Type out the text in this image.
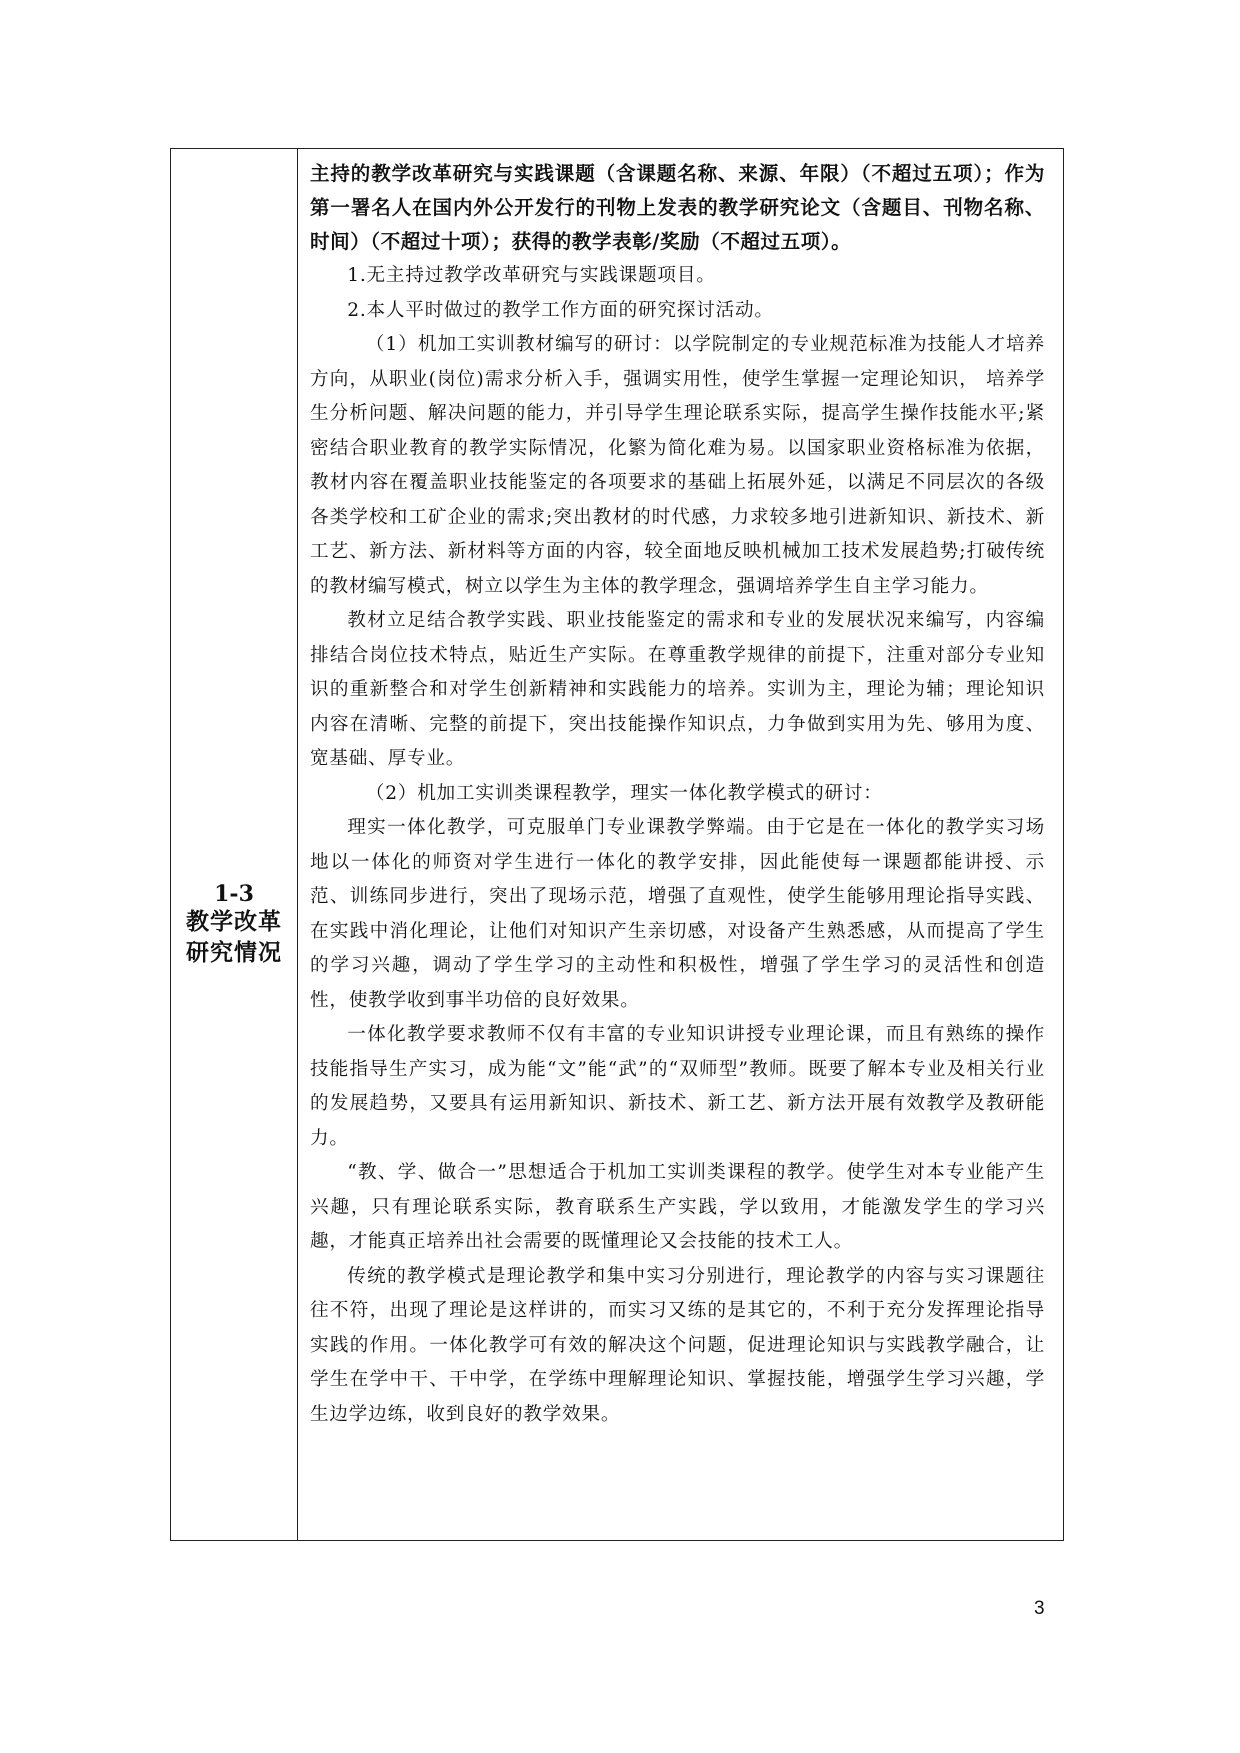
1-3
教学改革研究情况

主持的教学改革研究与实践课题（含课题名称、来源、年限）（不超过五项）；作为第一署名人在国内外公开发行的刊物上发表的教学研究论文（含题目、刊物名称、时间）（不超过十项）；获得的教学表彰/奖励（不超过五项）。

1.无主持过教学改革研究与实践课题项目。

2.本人平时做过的教学工作方面的研究探讨活动。

（1）机加工实训教材编写的研讨：以学院制定的专业规范标准为技能人才培养方向，从职业(岗位)需求分析入手，强调实用性，使学生掌握一定理论知识， 培养学生分析问题、解决问题的能力，并引导学生理论联系实际，提高学生操作技能水平;紧密结合职业教育的教学实际情况，化繁为简化难为易。以国家职业资格标准为依据，教材内容在覆盖职业技能鉴定的各项要求的基础上拓展外延，以满足不同层次的各级各类学校和工矿企业的需求;突出教材的时代感，力求较多地引进新知识、新技术、新工艺、新方法、新材料等方面的内容，较全面地反映机械加工技术发展趋势;打破传统的教材编写模式，树立以学生为主体的教学理念，强调培养学生自主学习能力。

教材立足结合教学实践、职业技能鉴定的需求和专业的发展状况来编写，内容编排结合岗位技术特点，贴近生产实际。在尊重教学规律的前提下，注重对部分专业知识的重新整合和对学生创新精神和实践能力的培养。实训为主，理论为辅；理论知识内容在清晰、完整的前提下，突出技能操作知识点，力争做到实用为先、够用为度、宽基础、厚专业。

（2）机加工实训类课程教学，理实一体化教学模式的研讨：

理实一体化教学，可克服单门专业课教学弊端。由于它是在一体化的教学实习场地以一体化的师资对学生进行一体化的教学安排，因此能使每一课题都能讲授、示范、训练同步进行，突出了现场示范，增强了直观性，使学生能够用理论指导实践、在实践中消化理论，让他们对知识产生亲切感，对设备产生熟悉感，从而提高了学生的学习兴趣，调动了学生学习的主动性和积极性，增强了学生学习的灵活性和创造性，使教学收到事半功倍的良好效果。

一体化教学要求教师不仅有丰富的专业知识讲授专业理论课，而且有熟练的操作技能指导生产实习，成为能“文”能“武”的“双师型”教师。既要了解本专业及相关行业的发展趋势，又要具有运用新知识、新技术、新工艺、新方法开展有效教学及教研能力。

“教、学、做合一”思想适合于机加工实训类课程的教学。使学生对本专业能产生兴趣，只有理论联系实际，教育联系生产实践，学以致用，才能激发学生的学习兴趣，才能真正培养出社会需要的既懂理论又会技能的技术工人。

传统的教学模式是理论教学和集中实习分别进行，理论教学的内容与实习课题往往不符，出现了理论是这样讲的，而实习又练的是其它的，不利于充分发挥理论指导实践的作用。一体化教学可有效的解决这个问题，促进理论知识与实践教学融合，让学生在学中干、干中学，在学练中理解理论知识、掌握技能，增强学生学习兴趣，学生边学边练，收到良好的教学效果。

3
